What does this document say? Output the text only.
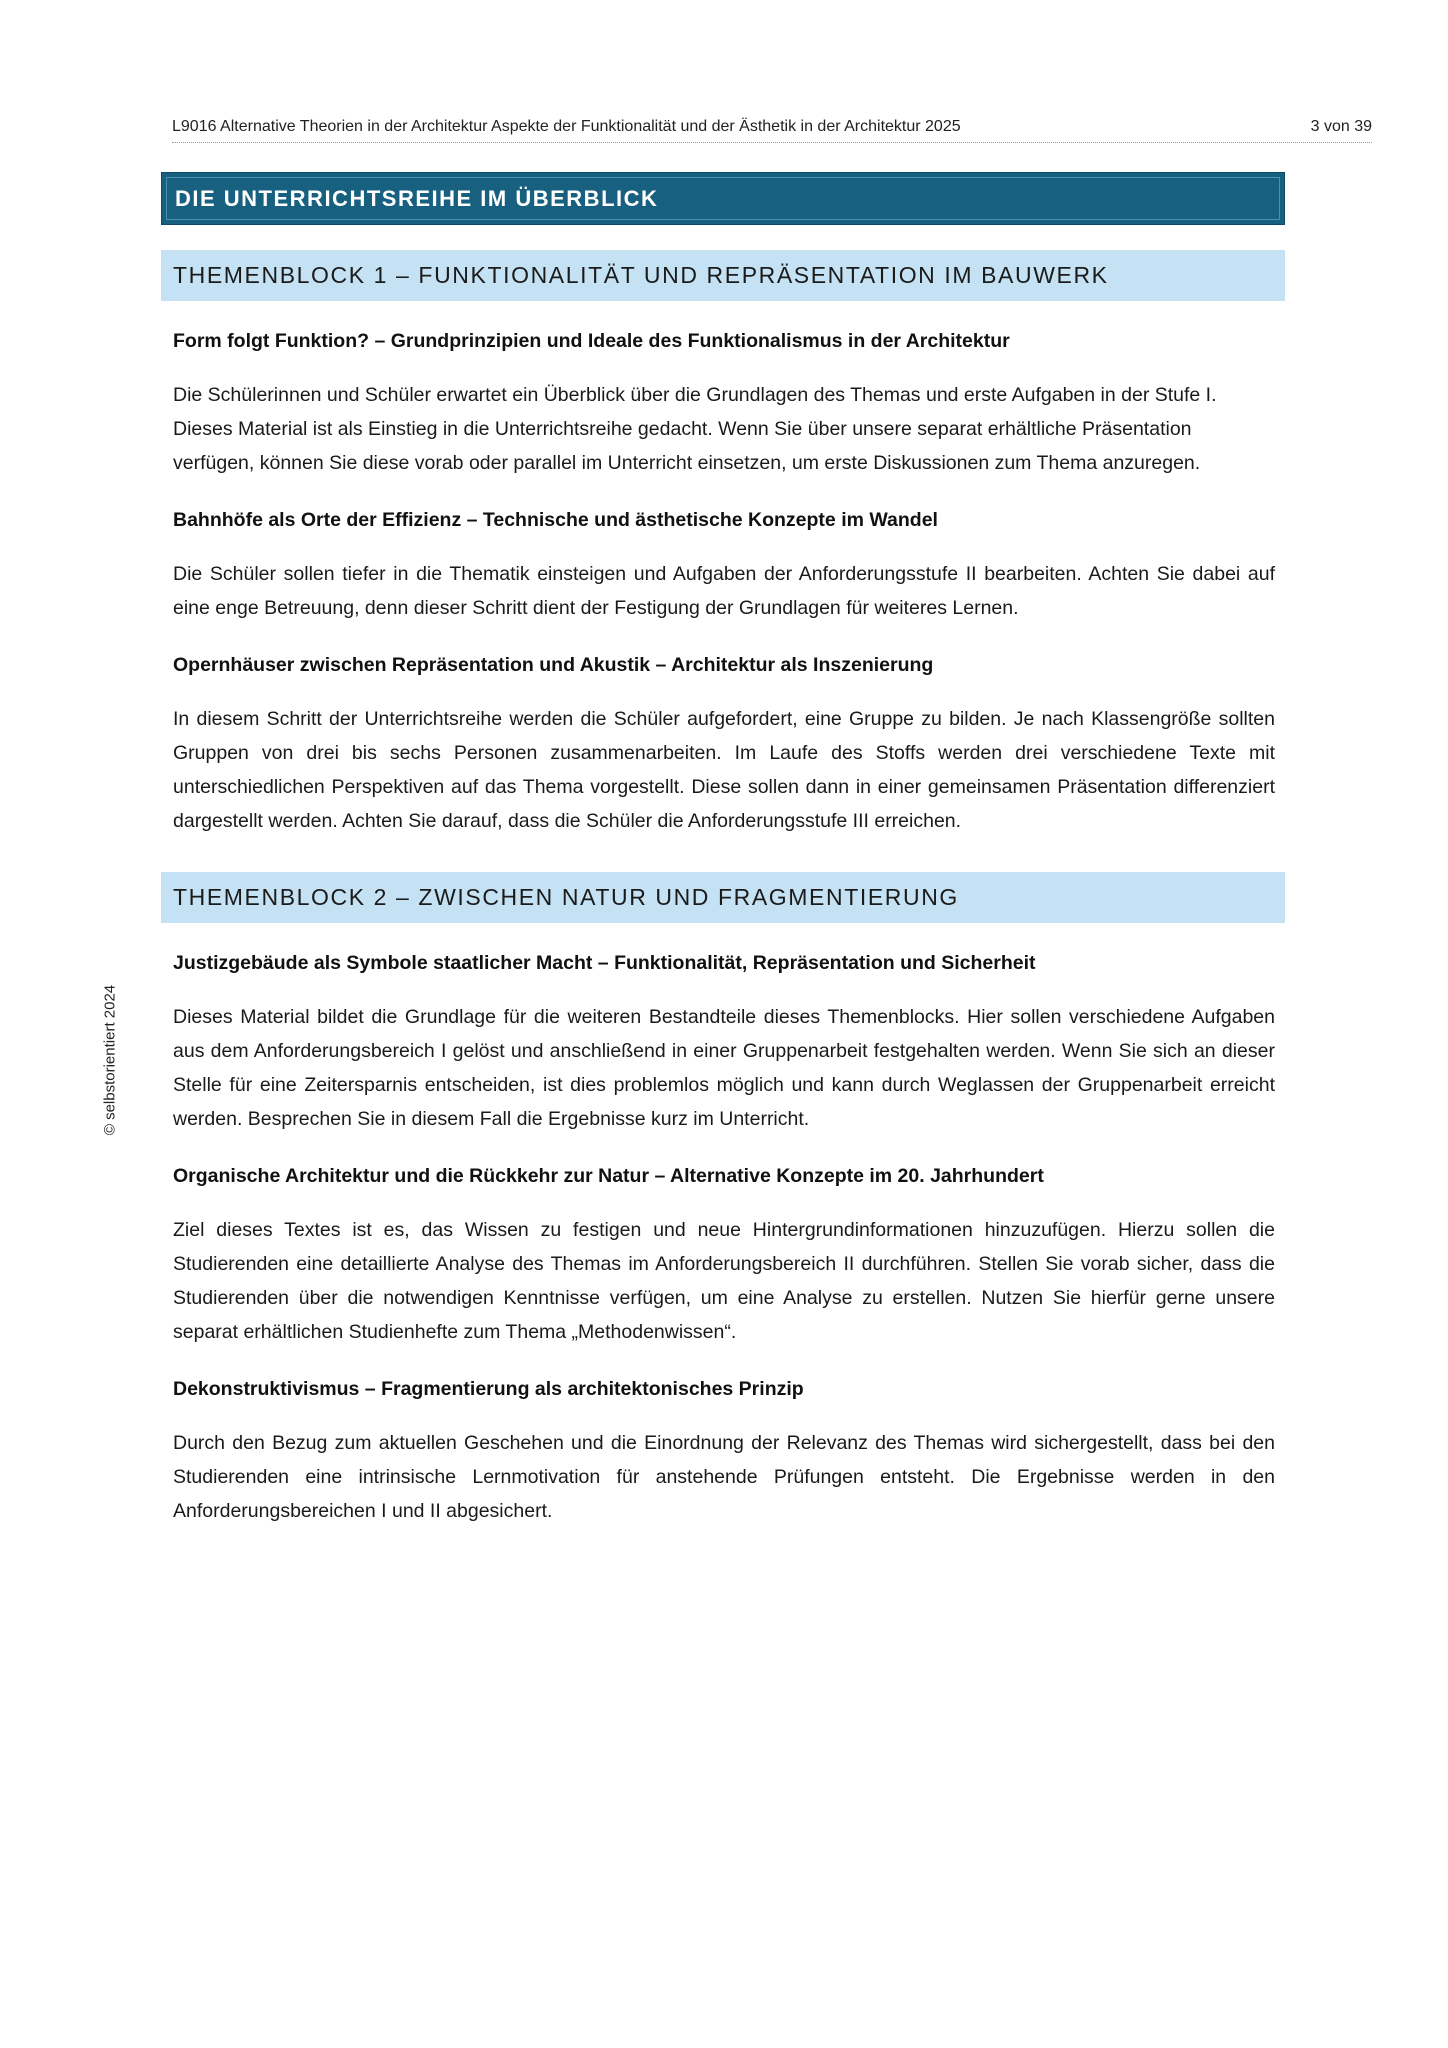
L9016 Alternative Theorien in der Architektur Aspekte der Funktionalität und der Ästhetik in der Architektur 2025	3 von 39
© selbstorientiert 2024
DIE UNTERRICHTSREIHE IM ÜBERBLICK
THEMENBLOCK 1 – FUNKTIONALITÄT UND REPRÄSENTATION IM BAUWERK
Form folgt Funktion? – Grundprinzipien und Ideale des Funktionalismus in der Architektur
Die Schülerinnen und Schüler erwartet ein Überblick über die Grundlagen des Themas und erste Aufgaben in der Stufe I. Dieses Material ist als Einstieg in die Unterrichtsreihe gedacht. Wenn Sie über unsere separat erhältliche Präsentation verfügen, können Sie diese vorab oder parallel im Unterricht einsetzen, um erste Diskussionen zum Thema anzuregen.
Bahnhöfe als Orte der Effizienz – Technische und ästhetische Konzepte im Wandel
Die Schüler sollen tiefer in die Thematik einsteigen und Aufgaben der Anforderungsstufe II bearbeiten. Achten Sie dabei auf eine enge Betreuung, denn dieser Schritt dient der Festigung der Grundlagen für weiteres Lernen.
Opernhäuser zwischen Repräsentation und Akustik – Architektur als Inszenierung
In diesem Schritt der Unterrichtsreihe werden die Schüler aufgefordert, eine Gruppe zu bilden. Je nach Klassengröße sollten Gruppen von drei bis sechs Personen zusammenarbeiten. Im Laufe des Stoffs werden drei verschiedene Texte mit unterschiedlichen Perspektiven auf das Thema vorgestellt. Diese sollen dann in einer gemeinsamen Präsentation differenziert dargestellt werden. Achten Sie darauf, dass die Schüler die Anforderungsstufe III erreichen.
THEMENBLOCK 2 – ZWISCHEN NATUR UND FRAGMENTIERUNG
Justizgebäude als Symbole staatlicher Macht – Funktionalität, Repräsentation und Sicherheit
Dieses Material bildet die Grundlage für die weiteren Bestandteile dieses Themenblocks. Hier sollen verschiedene Aufgaben aus dem Anforderungsbereich I gelöst und anschließend in einer Gruppenarbeit festgehalten werden. Wenn Sie sich an dieser Stelle für eine Zeitersparnis entscheiden, ist dies problemlos möglich und kann durch Weglassen der Gruppenarbeit erreicht werden. Besprechen Sie in diesem Fall die Ergebnisse kurz im Unterricht.
Organische Architektur und die Rückkehr zur Natur – Alternative Konzepte im 20. Jahrhundert
Ziel dieses Textes ist es, das Wissen zu festigen und neue Hintergrundinformationen hinzuzufügen. Hierzu sollen die Studierenden eine detaillierte Analyse des Themas im Anforderungsbereich II durchführen. Stellen Sie vorab sicher, dass die Studierenden über die notwendigen Kenntnisse verfügen, um eine Analyse zu erstellen. Nutzen Sie hierfür gerne unsere separat erhältlichen Studienhefte zum Thema „Methodenwissen“.
Dekonstruktivismus – Fragmentierung als architektonisches Prinzip
Durch den Bezug zum aktuellen Geschehen und die Einordnung der Relevanz des Themas wird sichergestellt, dass bei den Studierenden eine intrinsische Lernmotivation für anstehende Prüfungen entsteht. Die Ergebnisse werden in den Anforderungsbereichen I und II abgesichert.
